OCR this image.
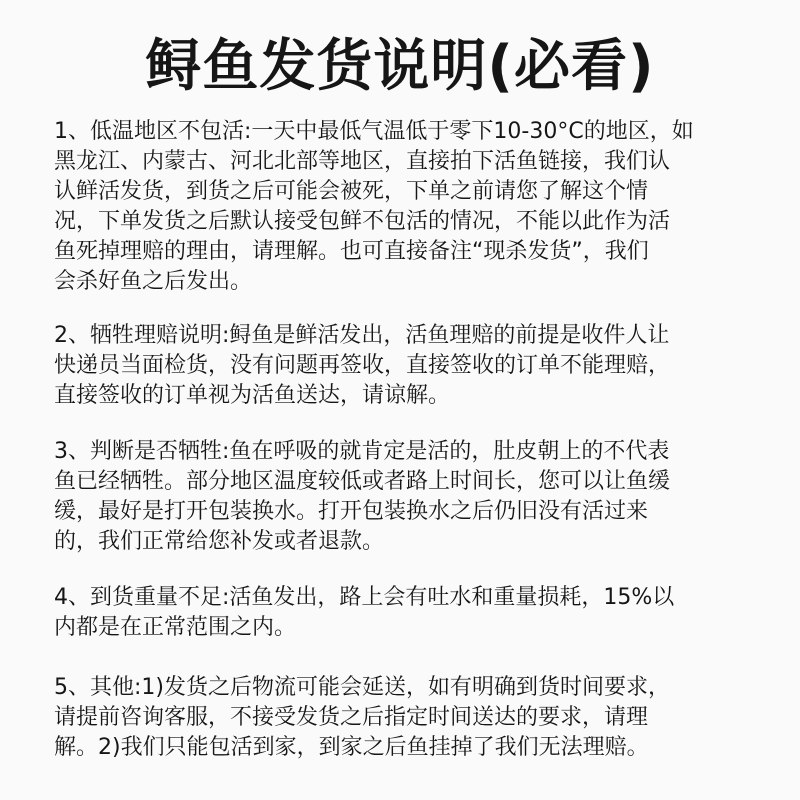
鲟鱼发货说明(必看)
1、低温地区不包活:一天中最低气温低于零下10-30°C的地区，如
黑龙江、内蒙古、河北北部等地区，直接拍下活鱼链接，我们认
认鲜活发货，到货之后可能会被死，下单之前请您了解这个情
况，下单发货之后默认接受包鲜不包活的情况，不能以此作为活
鱼死掉理赔的理由，请理解。也可直接备注“现杀发货”，我们
会杀好鱼之后发出。
2、牺牲理赔说明:鲟鱼是鲜活发出，活鱼理赔的前提是收件人让
快递员当面检货，没有问题再签收，直接签收的订单不能理赔，
直接签收的订单视为活鱼送达，请谅解。
3、判断是否牺牲:鱼在呼吸的就肯定是活的，肚皮朝上的不代表
鱼已经牺牲。部分地区温度较低或者路上时间长，您可以让鱼缓
缓，最好是打开包装换水。打开包装换水之后仍旧没有活过来
的，我们正常给您补发或者退款。
4、到货重量不足:活鱼发出，路上会有吐水和重量损耗，15%以
内都是在正常范围之内。
5、其他:1)发货之后物流可能会延送，如有明确到货时间要求，
请提前咨询客服，不接受发货之后指定时间送达的要求，请理
解。2)我们只能包活到家，到家之后鱼挂掉了我们无法理赔。
